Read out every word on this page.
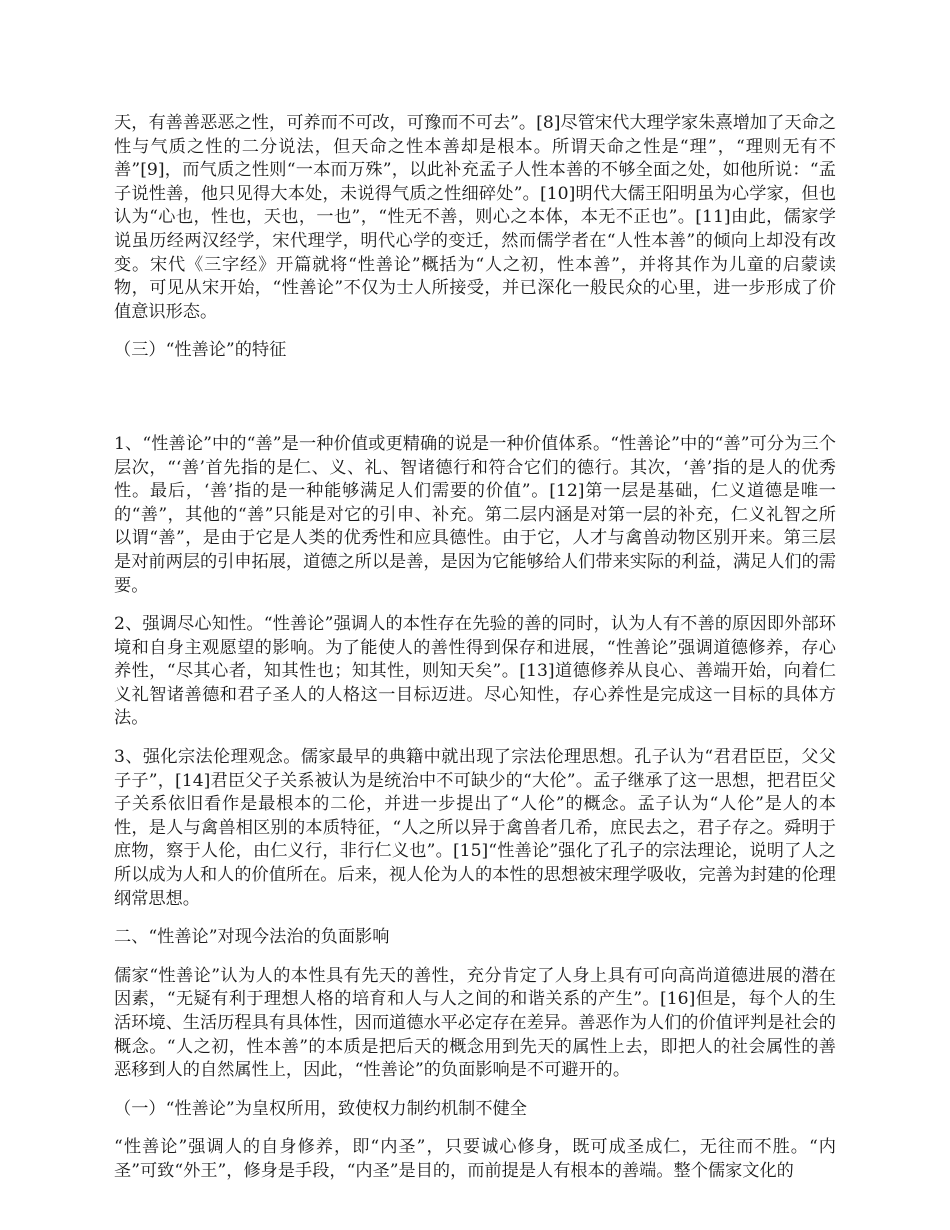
天，有善善恶恶之性，可养而不可改，可豫而不可去”。[8]尽管宋代大理学家朱熹增加了天命之性与气质之性的二分说法，但天命之性本善却是根本。所谓天命之性是“理”，“理则无有不善”[9]，而气质之性则“一本而万殊”，以此补充孟子人性本善的不够全面之处，如他所说：“孟子说性善，他只见得大本处，未说得气质之性细碎处”。[10]明代大儒王阳明虽为心学家，但也认为“心也，性也，天也，一也”，“性无不善，则心之本体，本无不正也”。[11]由此，儒家学说虽历经两汉经学，宋代理学，明代心学的变迁，然而儒学者在“人性本善”的倾向上却没有改变。宋代《三字经》开篇就将“性善论”概括为“人之初，性本善”，并将其作为儿童的启蒙读物，可见从宋开始，“性善论”不仅为士人所接受，并已深化一般民众的心里，进一步形成了价值意识形态。

（三）“性善论”的特征

1、“性善论”中的“善”是一种价值或更精确的说是一种价值体系。“性善论”中的“善”可分为三个层次，“‘善’首先指的是仁、义、礼、智诸德行和符合它们的德行。其次，‘善’指的是人的优秀性。最后，‘善’指的是一种能够满足人们需要的价值”。[12]第一层是基础，仁义道德是唯一的“善”，其他的“善”只能是对它的引申、补充。第二层内涵是对第一层的补充，仁义礼智之所以谓“善”，是由于它是人类的优秀性和应具德性。由于它，人才与禽兽动物区别开来。第三层是对前两层的引申拓展，道德之所以是善，是因为它能够给人们带来实际的利益，满足人们的需要。

2、强调尽心知性。“性善论”强调人的本性存在先验的善的同时，认为人有不善的原因即外部环境和自身主观愿望的影响。为了能使人的善性得到保存和进展，“性善论”强调道德修养，存心养性，“尽其心者，知其性也；知其性，则知天矣”。[13]道德修养从良心、善端开始，向着仁义礼智诸善德和君子圣人的人格这一目标迈进。尽心知性，存心养性是完成这一目标的具体方法。

3、强化宗法伦理观念。儒家最早的典籍中就出现了宗法伦理思想。孔子认为“君君臣臣，父父子子”，[14]君臣父子关系被认为是统治中不可缺少的“大伦”。孟子继承了这一思想，把君臣父子关系依旧看作是最根本的二伦，并进一步提出了“人伦”的概念。孟子认为“人伦”是人的本性，是人与禽兽相区别的本质特征，“人之所以异于禽兽者几希，庶民去之，君子存之。舜明于庶物，察于人伦，由仁义行，非行仁义也”。[15]“性善论”强化了孔子的宗法理论，说明了人之所以成为人和人的价值所在。后来，视人伦为人的本性的思想被宋理学吸收，完善为封建的伦理纲常思想。

二、“性善论”对现今法治的负面影响

儒家“性善论”认为人的本性具有先天的善性，充分肯定了人身上具有可向高尚道德进展的潜在因素，“无疑有利于理想人格的培育和人与人之间的和谐关系的产生”。[16]但是，每个人的生活环境、生活历程具有具体性，因而道德水平必定存在差异。善恶作为人们的价值评判是社会的概念。“人之初，性本善”的本质是把后天的概念用到先天的属性上去，即把人的社会属性的善恶移到人的自然属性上，因此，“性善论”的负面影响是不可避开的。

（一）“性善论”为皇权所用，致使权力制约机制不健全

“性善论”强调人的自身修养，即“内圣”，只要诚心修身，既可成圣成仁，无往而不胜。“内圣”可致“外王”，修身是手段，“内圣”是目的，而前提是人有根本的善端。整个儒家文化的
